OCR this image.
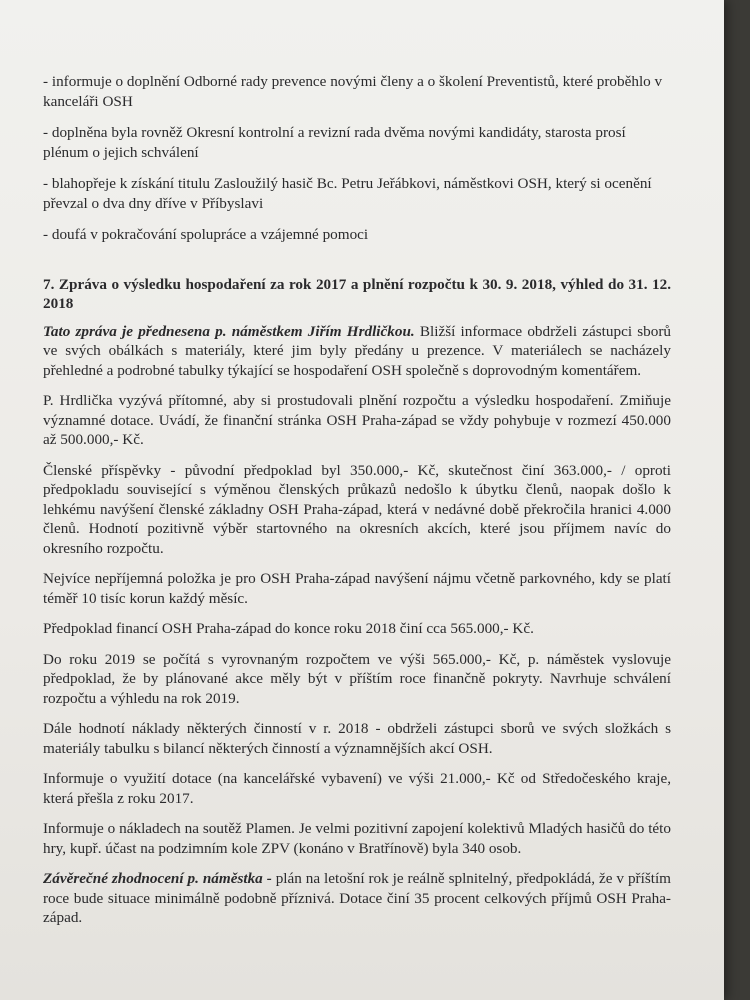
- informuje o doplnění Odborné rady prevence novými členy a o školení Preventistů, které proběhlo v kanceláři OSH

- doplněna byla rovněž Okresní kontrolní a revizní rada dvěma novými kandidáty, starosta prosí plénum o jejich schválení

- blahopřeje k získání titulu Zasloužilý hasič Bc. Petru Jeřábkovi, náměstkovi OSH, který si ocenění převzal o dva dny dříve v Příbyslavi

- doufá v pokračování spolupráce a vzájemné pomoci

7. Zpráva o výsledku hospodaření za rok 2017 a plnění rozpočtu k 30. 9. 2018, výhled do 31. 12. 2018

Tato zpráva je přednesena p. náměstkem Jiřím Hrdličkou. Bližší informace obdrželi zástupci sborů ve svých obálkách s materiály, které jim byly předány u prezence. V materiálech se nacházely přehledné a podrobné tabulky týkající se hospodaření OSH společně s doprovodným komentářem.

P. Hrdlička vyzývá přítomné, aby si prostudovali plnění rozpočtu a výsledku hospodaření. Zmiňuje významné dotace. Uvádí, že finanční stránka OSH Praha-západ se vždy pohybuje v rozmezí 450.000 až 500.000,- Kč.

Členské příspěvky - původní předpoklad byl 350.000,- Kč, skutečnost činí 363.000,- / oproti předpokladu související s výměnou členských průkazů nedošlo k úbytku členů, naopak došlo k lehkému navýšení členské základny OSH Praha-západ, která v nedávné době překročila hranici 4.000 členů. Hodnotí pozitivně výběr startovného na okresních akcích, které jsou příjmem navíc do okresního rozpočtu.

Nejvíce nepříjemná položka je pro OSH Praha-západ navýšení nájmu včetně parkovného, kdy se platí téměř 10 tisíc korun každý měsíc.

Předpoklad financí OSH Praha-západ do konce roku 2018 činí cca 565.000,- Kč.

Do roku 2019 se počítá s vyrovnaným rozpočtem ve výši 565.000,- Kč, p. náměstek vyslovuje předpoklad, že by plánované akce měly být v příštím roce finančně pokryty. Navrhuje schválení rozpočtu a výhledu na rok 2019.

Dále hodnotí náklady některých činností v r. 2018 - obdrželi zástupci sborů ve svých složkách s materiály tabulku s bilancí některých činností a významnějších akcí OSH.

Informuje o využití dotace (na kancelářské vybavení) ve výši 21.000,- Kč od Středočeského kraje, která přešla z roku 2017.

Informuje o nákladech na soutěž Plamen. Je velmi pozitivní zapojení kolektivů Mladých hasičů do této hry, kupř. účast na podzimním kole ZPV (konáno v Bratřínově) byla 340 osob.

Závěrečné zhodnocení p. náměstka - plán na letošní rok je reálně splnitelný, předpokládá, že v příštím roce bude situace minimálně podobně příznivá. Dotace činí 35 procent celkových příjmů OSH Praha-západ.
